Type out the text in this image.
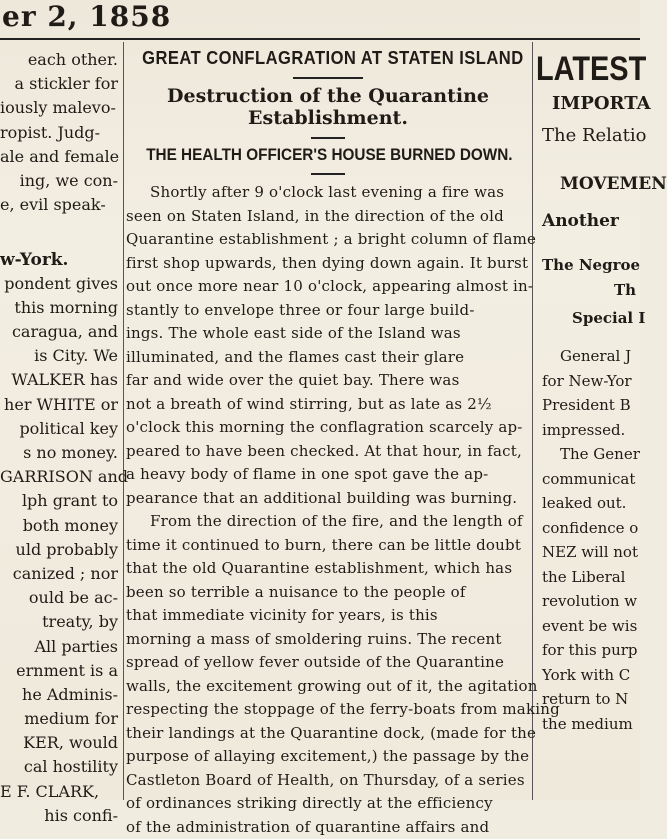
er 2, 1858
each other.
a stickler for
iously malevo-
ropist. Judg-
ale and female
ing, we con-
e, evil speak-
w-York.
pondent gives
this morning
caragua, and
is City. We
WALKER has
her WHITE or
political key
s no money.
GARRISON and
lph grant to
both money
uld probably
canized ; nor
ould be ac-
treaty, by
All parties
ernment is a
he Adminis-
medium for
KER, would
cal hostility
E F. CLARK,
his confi-
GREAT CONFLAGRATION AT STATEN ISLAND
Destruction of the Quarantine
Establishment.
THE HEALTH OFFICER'S HOUSE BURNED DOWN.
Shortly after 9 o'clock last evening a fire was
seen on Staten Island, in the direction of the old
Quarantine establishment ; a bright column of flame
first shop upwards, then dying down again. It burst
out once more near 10 o'clock, appearing almost in-
stantly to envelope three or four large build-
ings. The whole east side of the Island was
illuminated, and the flames cast their glare
far and wide over the quiet bay. There was
not a breath of wind stirring, but as late as 2½
o'clock this morning the conflagration scarcely ap-
peared to have been checked. At that hour, in fact,
a heavy body of flame in one spot gave the ap-
pearance that an additional building was burning.
From the direction of the fire, and the length of
time it continued to burn, there can be little doubt
that the old Quarantine establishment, which has
been so terrible a nuisance to the people of
that immediate vicinity for years, is this
morning a mass of smoldering ruins. The recent
spread of yellow fever outside of the Quarantine
walls, the excitement growing out of it, the agitation
respecting the stoppage of the ferry-boats from making
their landings at the Quarantine dock, (made for the
purpose of allaying excitement,) the passage by the
Castleton Board of Health, on Thursday, of a series
of ordinances striking directly at the efficiency
of the administration of quarantine affairs and
LATEST
IMPORTA
The Relatio
MOVEMEN
Another
The Negroe
Th
Special I
General J
for New-Yor
President B
impressed.
The Gener
communicat
leaked out.
confidence o
NEZ will not
the Liberal
revolution w
event be wis
for this purp
York with C
return to N
the medium
